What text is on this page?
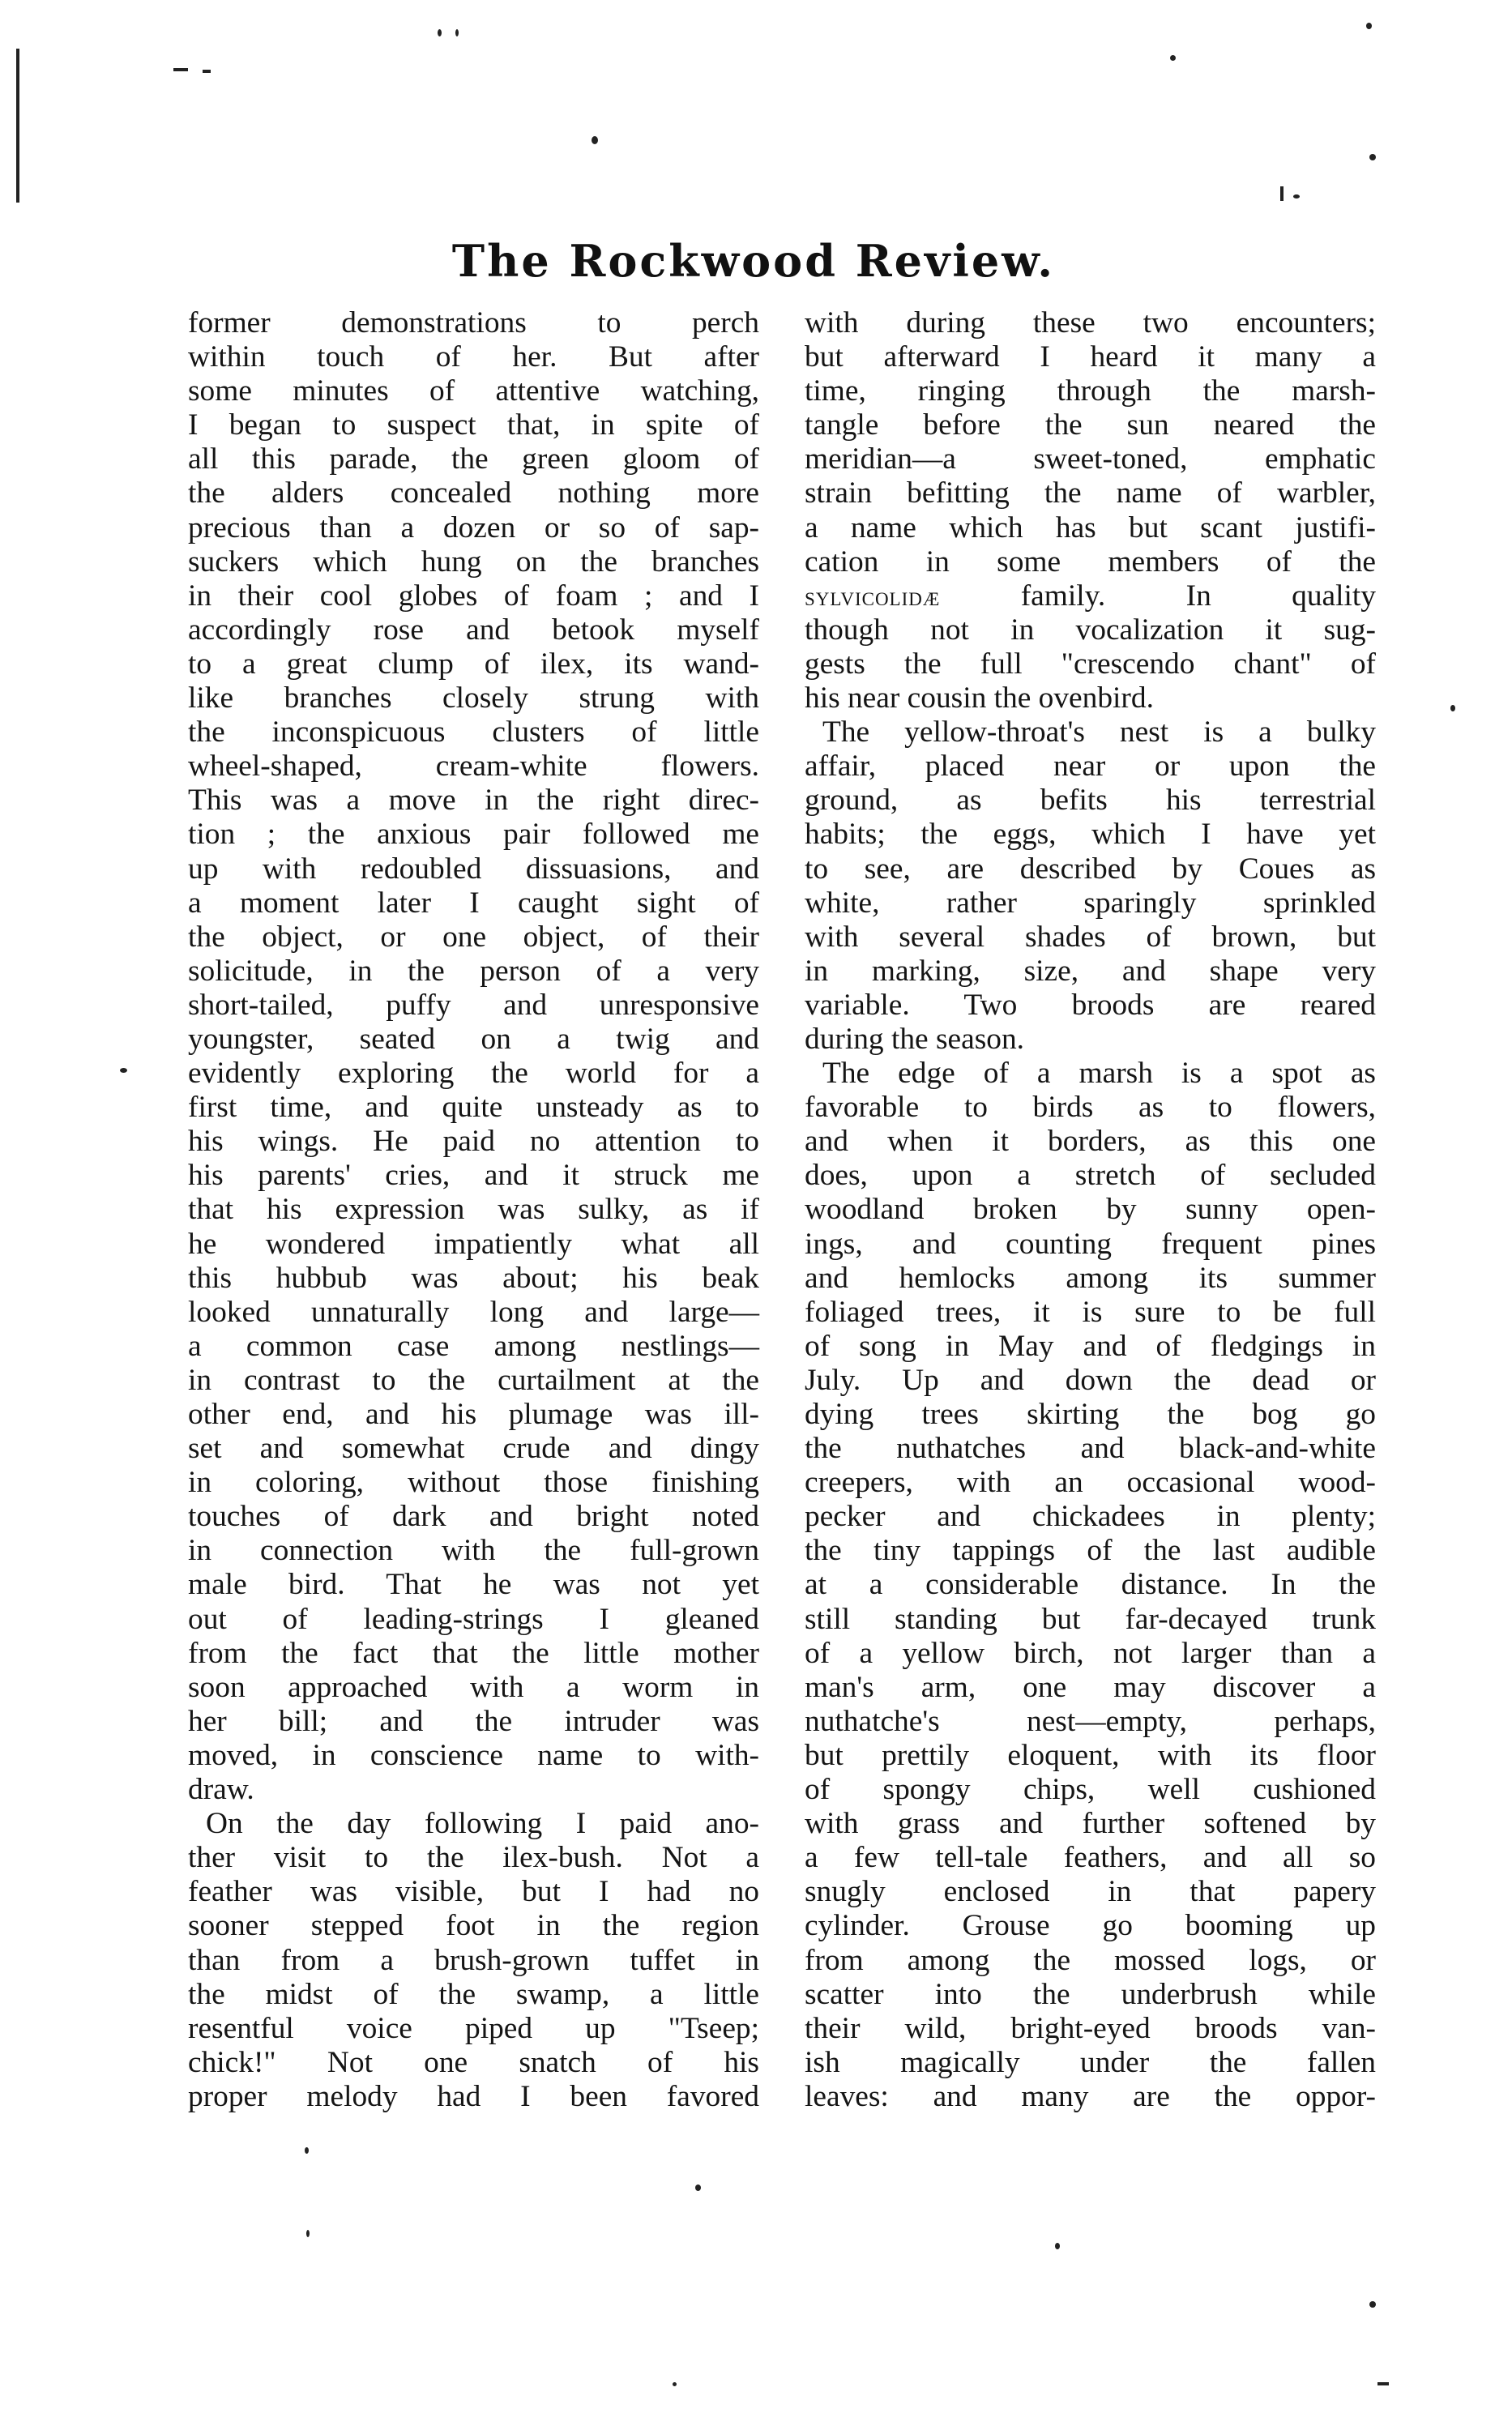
The Rockwood Review.
former demonstrations to perch
within touch of her. But after
some minutes of attentive watching,
I began to suspect that, in spite of
all this parade, the green gloom of
the alders concealed nothing more
precious than a dozen or so of sap-
suckers which hung on the branches
in their cool globes of foam ; and I
accordingly rose and betook myself
to a great clump of ilex, its wand-
like branches closely strung with
the inconspicuous clusters of little
wheel-shaped, cream-white flowers.
This was a move in the right direc-
tion ; the anxious pair followed me
up with redoubled dissuasions, and
a moment later I caught sight of
the object, or one object, of their
solicitude, in the person of a very
short-tailed, puffy and unresponsive
youngster, seated on a twig and
evidently exploring the world for a
first time, and quite unsteady as to
his wings. He paid no attention to
his parents' cries, and it struck me
that his expression was sulky, as if
he wondered impatiently what all
this hubbub was about; his beak
looked unnaturally long and large—
a common case among nestlings—
in contrast to the curtailment at the
other end, and his plumage was ill-
set and somewhat crude and dingy
in coloring, without those finishing
touches of dark and bright noted
in connection with the full-grown
male bird. That he was not yet
out of leading-strings I gleaned
from the fact that the little mother
soon approached with a worm in
her bill; and the intruder was
moved, in conscience name to with-
draw.
On the day following I paid ano-
ther visit to the ilex-bush. Not a
feather was visible, but I had no
sooner stepped foot in the region
than from a brush-grown tuffet in
the midst of the swamp, a little
resentful voice piped up "Tseep;
chick!" Not one snatch of his
proper melody had I been favored
with during these two encounters;
but afterward I heard it many a
time, ringing through the marsh-
tangle before the sun neared the
meridian—a sweet-toned, emphatic
strain befitting the name of warbler,
a name which has but scant justifi-
cation in some members of the
sylvicolidæ family. In quality
though not in vocalization it sug-
gests the full "crescendo chant" of
his near cousin the ovenbird.
The yellow-throat's nest is a bulky
affair, placed near or upon the
ground, as befits his terrestrial
habits; the eggs, which I have yet
to see, are described by Coues as
white, rather sparingly sprinkled
with several shades of brown, but
in marking, size, and shape very
variable. Two broods are reared
during the season.
The edge of a marsh is a spot as
favorable to birds as to flowers,
and when it borders, as this one
does, upon a stretch of secluded
woodland broken by sunny open-
ings, and counting frequent pines
and hemlocks among its summer
foliaged trees, it is sure to be full
of song in May and of fledgings in
July. Up and down the dead or
dying trees skirting the bog go
the nuthatches and black-and-white
creepers, with an occasional wood-
pecker and chickadees in plenty;
the tiny tappings of the last audible
at a considerable distance. In the
still standing but far-decayed trunk
of a yellow birch, not larger than a
man's arm, one may discover a
nuthatche's nest—empty, perhaps,
but prettily eloquent, with its floor
of spongy chips, well cushioned
with grass and further softened by
a few tell-tale feathers, and all so
snugly enclosed in that papery
cylinder. Grouse go booming up
from among the mossed logs, or
scatter into the underbrush while
their wild, bright-eyed broods van-
ish magically under the fallen
leaves: and many are the oppor-
